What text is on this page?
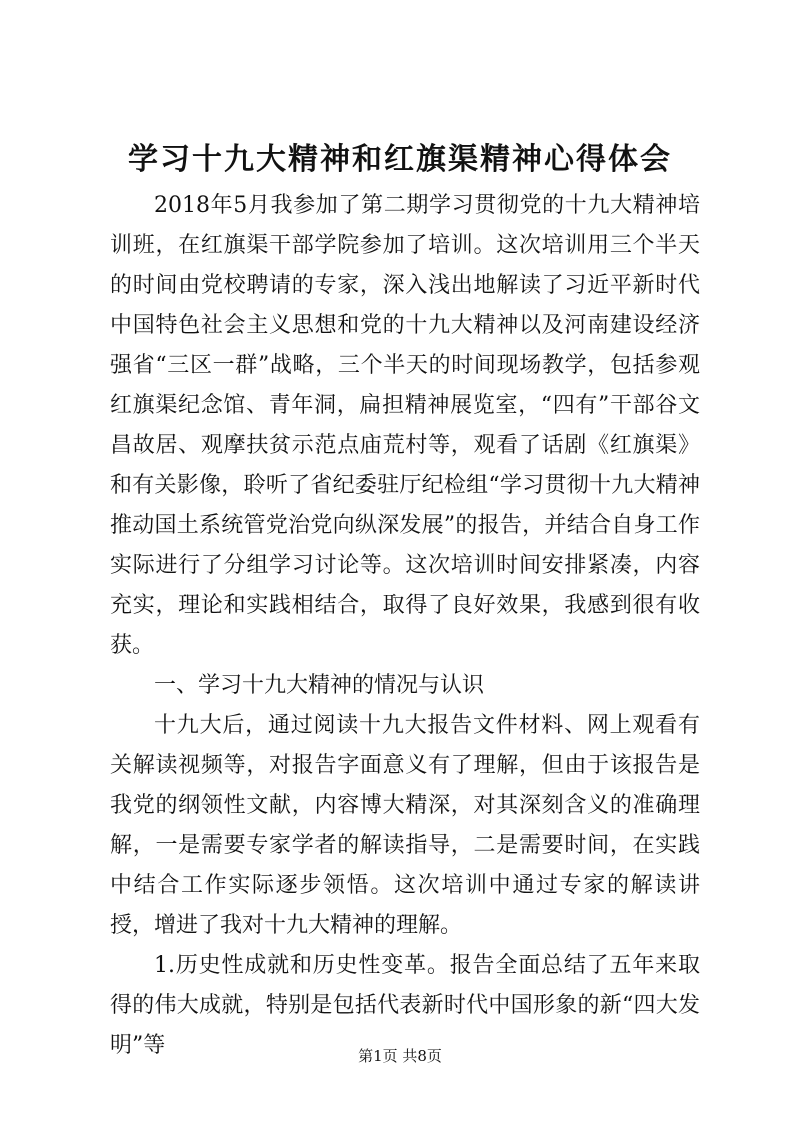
学习十九大精神和红旗渠精神心得体会

2018年5月我参加了第二期学习贯彻党的十九大精神培训班，在红旗渠干部学院参加了培训。这次培训用三个半天的时间由党校聘请的专家，深入浅出地解读了习近平新时代中国特色社会主义思想和党的十九大精神以及河南建设经济强省“三区一群”战略，三个半天的时间现场教学，包括参观红旗渠纪念馆、青年洞，扁担精神展览室，“四有”干部谷文昌故居、观摩扶贫示范点庙荒村等，观看了话剧《红旗渠》和有关影像，聆听了省纪委驻厅纪检组“学习贯彻十九大精神推动国土系统管党治党向纵深发展”的报告，并结合自身工作实际进行了分组学习讨论等。这次培训时间安排紧凑，内容充实，理论和实践相结合，取得了良好效果，我感到很有收获。

一、学习十九大精神的情况与认识

十九大后，通过阅读十九大报告文件材料、网上观看有关解读视频等，对报告字面意义有了理解，但由于该报告是我党的纲领性文献，内容博大精深，对其深刻含义的准确理解，一是需要专家学者的解读指导，二是需要时间，在实践中结合工作实际逐步领悟。这次培训中通过专家的解读讲授，增进了我对十九大精神的理解。

1.历史性成就和历史性变革。报告全面总结了五年来取得的伟大成就，特别是包括代表新时代中国形象的新“四大发明”等	第1页 共8页
